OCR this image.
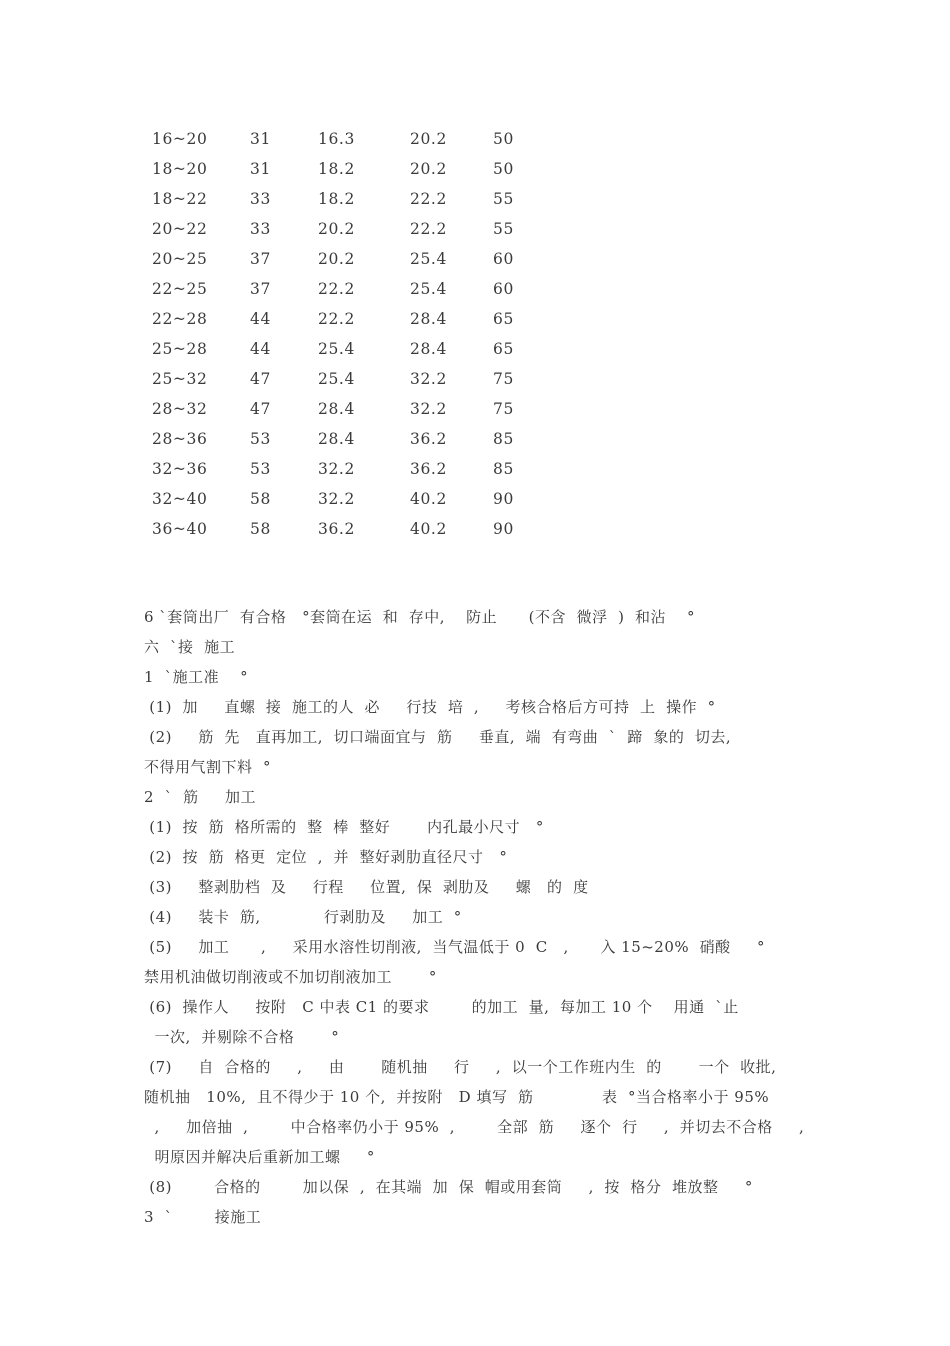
16~20	31	16.3	20.2	50
18~20	31	18.2	20.2	50
18~22	33	18.2	22.2	55
20~22	33	20.2	22.2	55
20~25	37	20.2	25.4	60
22~25	37	22.2	25.4	60
22~28	44	22.2	28.4	65
25~28	44	25.4	28.4	65
25~32	47	25.4	32.2	75
28~32	47	28.4	32.2	75
28~36	53	28.4	36.2	85
32~36	53	32.2	36.2	85
32~40	58	32.2	40.2	90
36~40	58	36.2	40.2	90
6 `套筒出厂  有合格   °套筒在运  和  存中,    防止      (不含  微浮  )  和沾    °
六  `接  施工
1  `施工准    °
(1)  加     直螺  接  施工的人  必     行技  培  ,     考核合格后方可持  上  操作  °
(2)     筋  先   直再加工,  切口端面宜与  筋     垂直,  端  有弯曲  `  蹄  象的  切去,
不得用气割下料  °
2  `  筋     加工
(1)  按  筋  格所需的  整  棒  整好       内孔最小尺寸   °
(2)  按  筋  格更  定位  ,  并  整好剥肋直径尺寸   °
(3)     整剥肋档  及     行程     位置,  保  剥肋及     螺   的  度
(4)     装卡  筋,            行剥肋及     加工  °
(5)     加工      ,     采用水溶性切削液,  当气温低于 0  C   ,      入 15~20%  硝酸     °
禁用机油做切削液或不加切削液加工       °
(6)  操作人     按附   C 中表 C1 的要求        的加工  量,  每加工 10 个    用通  `止
一次,  并剔除不合格       °
(7)     自  合格的     ,     由       随机抽     行     ,  以一个工作班内生  的       一个  收批,
随机抽   10%,  且不得少于 10 个,  并按附   D 填写  筋             表  °当合格率小于 95%
,     加倍抽  ,        中合格率仍小于 95%  ,        全部  筋     逐个  行     ,  并切去不合格     ,
明原因并解决后重新加工螺     °
(8)        合格的        加以保  ,  在其端  加  保  帽或用套筒     ,  按  格分  堆放整     °
3  `        接施工
